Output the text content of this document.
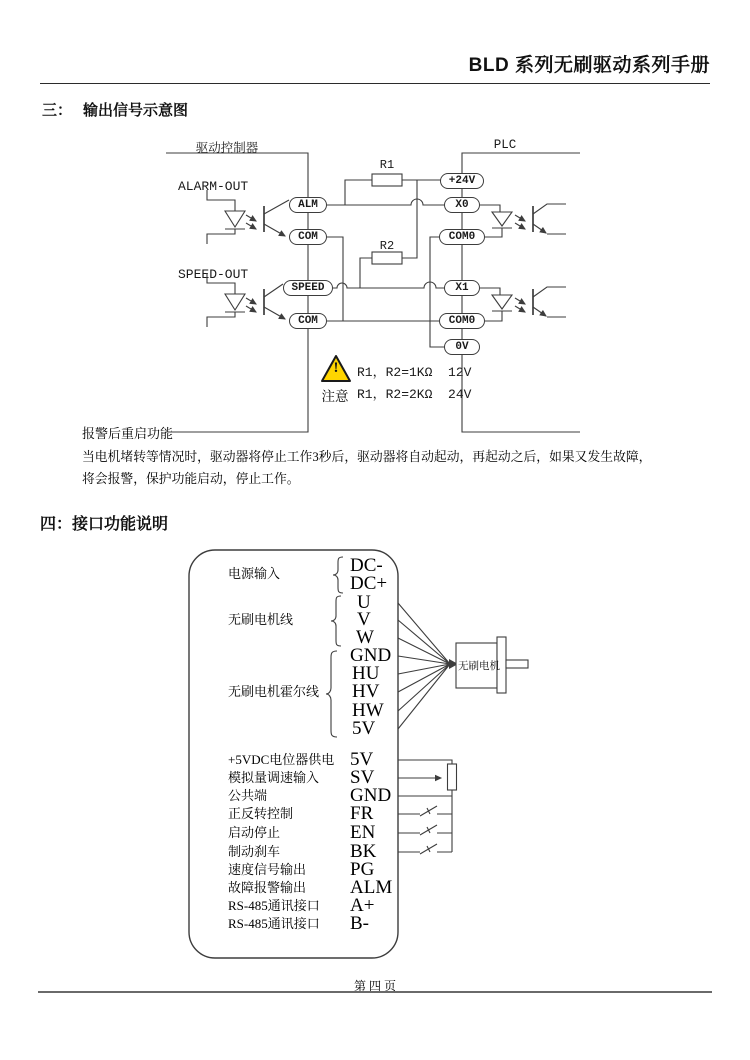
BLD 系列无刷驱动系列手册
三： 输出信号示意图
驱动控制器	PLC
ALARM-OUT
SPEED-OUT
R1
R2
ALM
COM
SPEED
COM
+24V
X0
COM0
X1
COM0
0V
!
注意
R1，R2=1KΩ  12V
R1，R2=2KΩ  24V
报警后重启功能
当电机堵转等情况时，驱动器将停止工作3秒后，驱动器将自动起动，再起动之后，如果又发生故障，
将会报警，保护功能启动，停止工作。
四：接口功能说明
电源输入
无刷电机线
无刷电机霍尔线
+5VDC电位器供电
模拟量调速输入
公共端
正反转控制
启动停止
制动刹车
速度信号输出
故障报警输出
RS-485通讯接口
RS-485通讯接口
DC-
DC+
U
V
W
GND
HU
HV
HW
5V
5V
SV
GND
FR
EN
BK
PG
ALM
A+
B-
无刷电机
第 四 页
